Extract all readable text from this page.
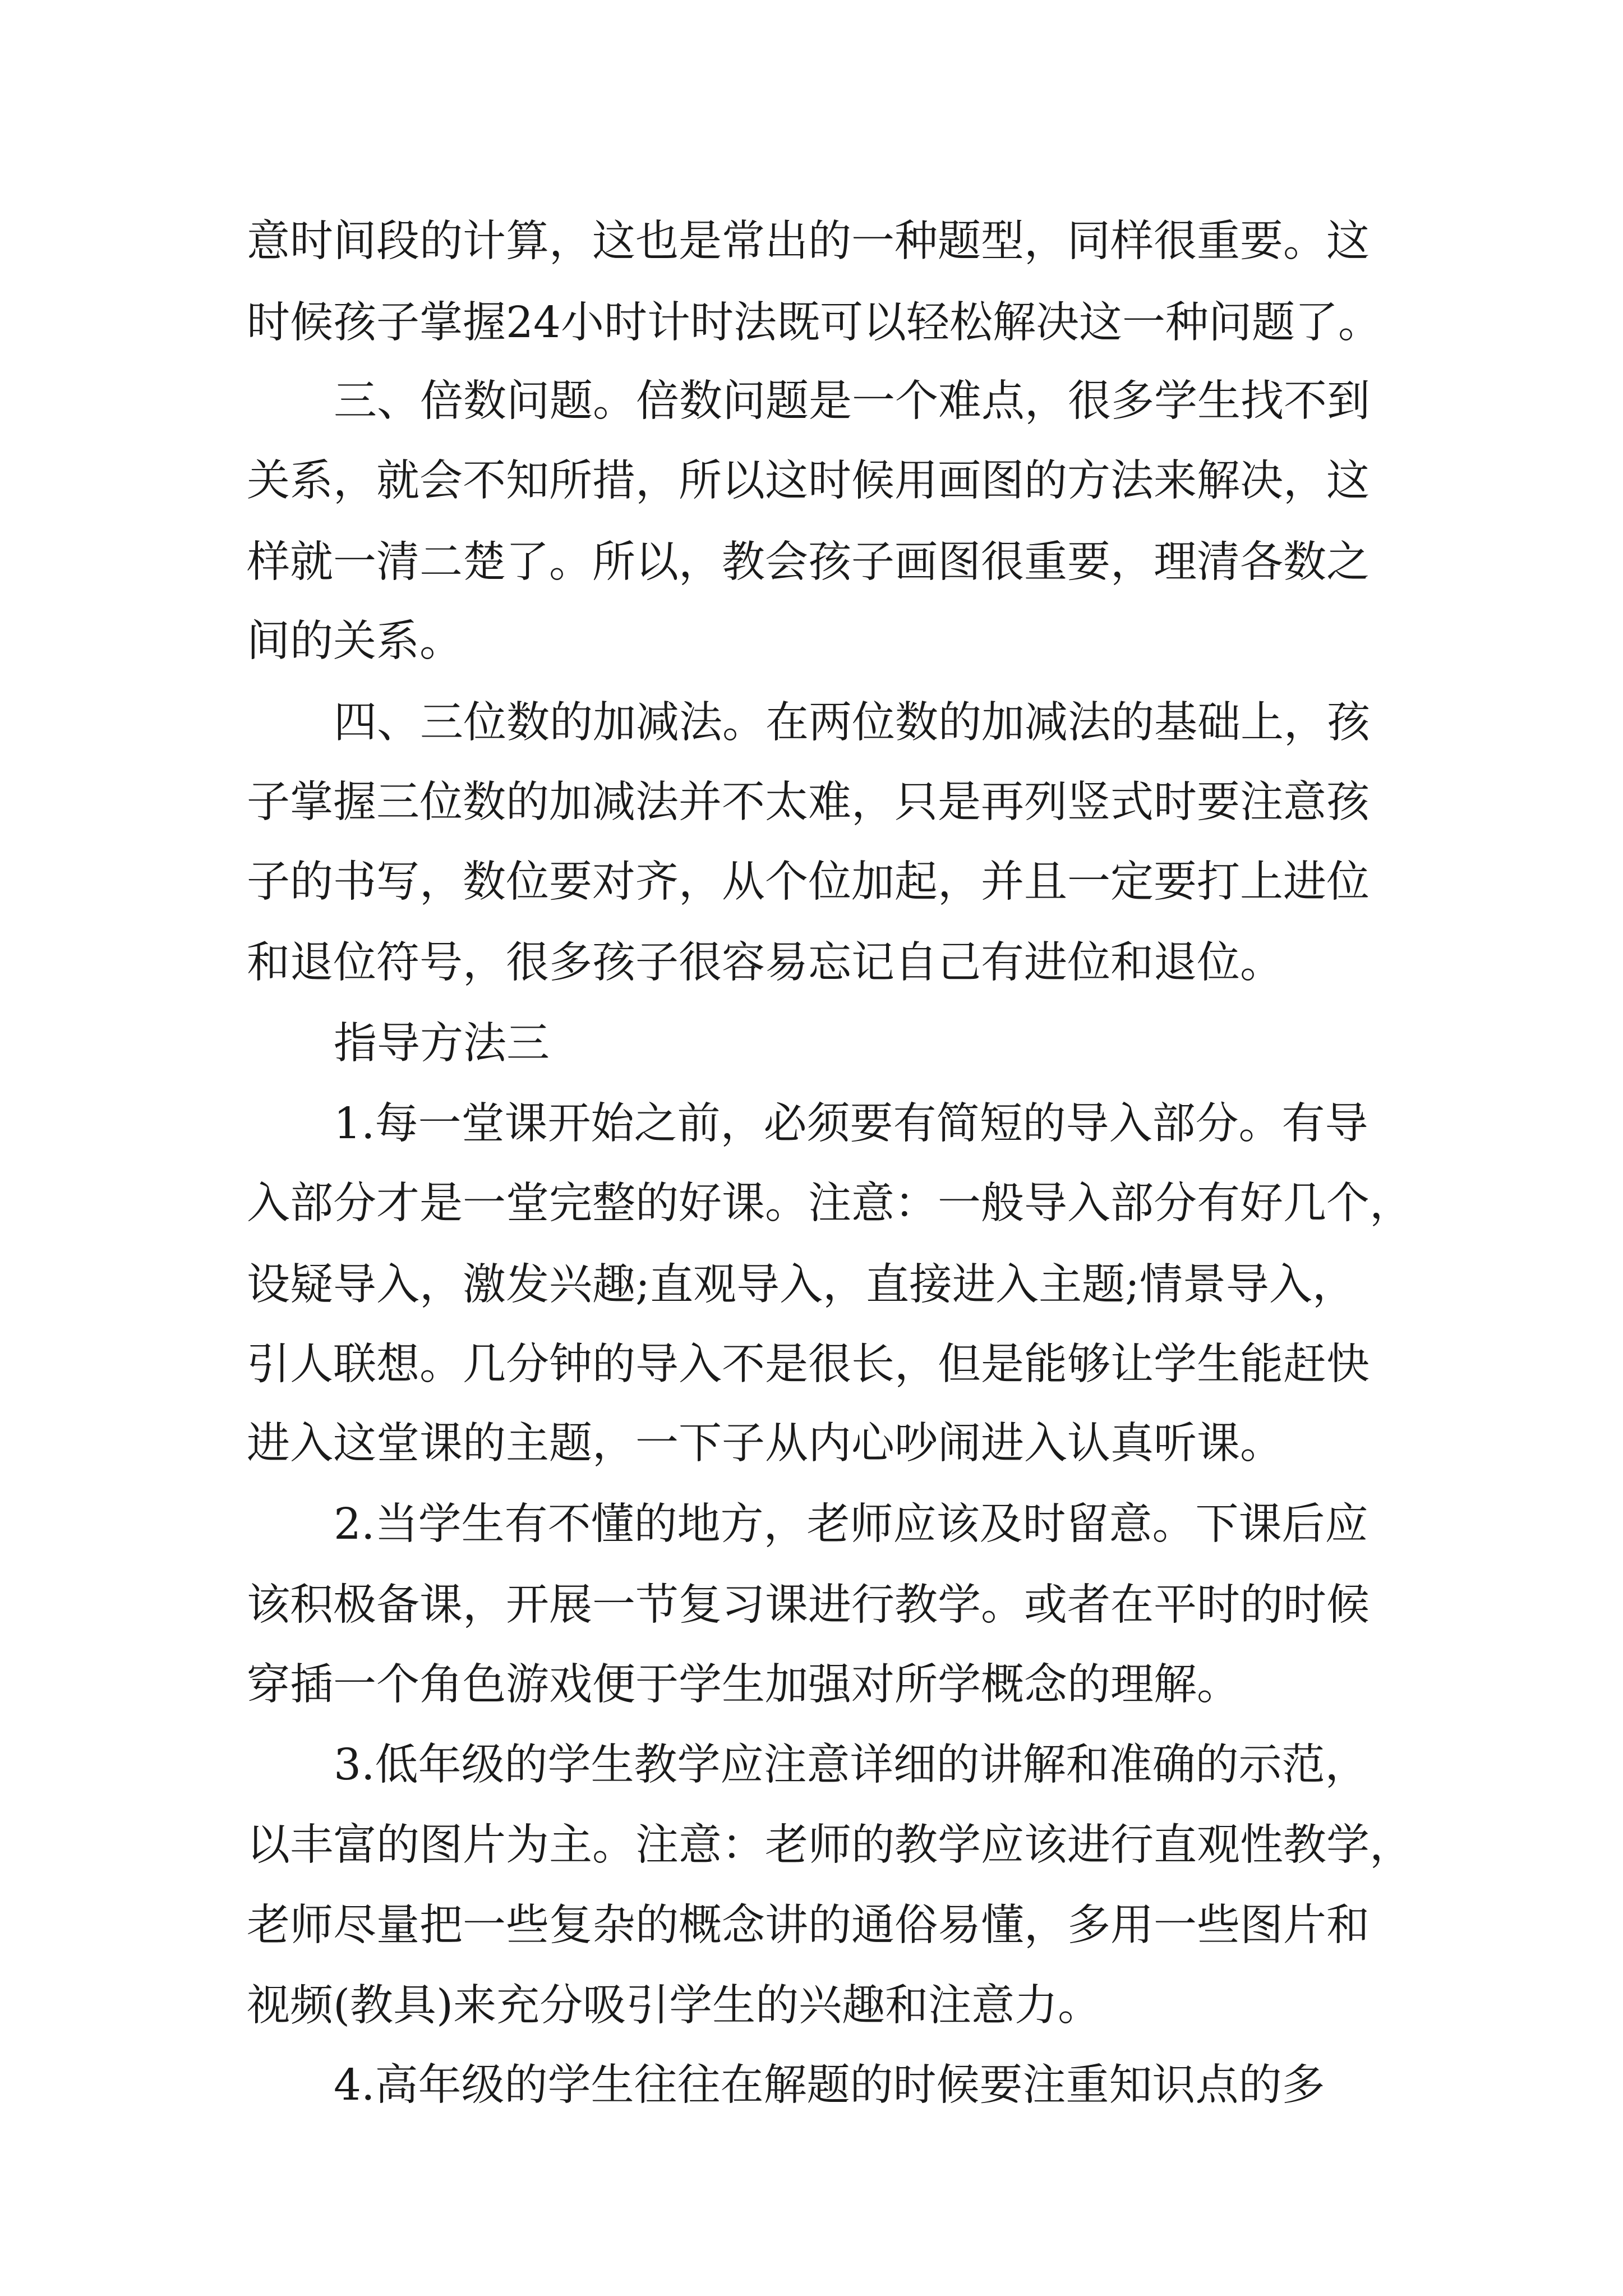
意时间段的计算，这也是常出的一种题型，同样很重要。这
时候孩子掌握24小时计时法既可以轻松解决这一种问题了。
三、倍数问题。倍数问题是一个难点，很多学生找不到
关系，就会不知所措，所以这时候用画图的方法来解决，这
样就一清二楚了。所以，教会孩子画图很重要，理清各数之
间的关系。
四、三位数的加减法。在两位数的加减法的基础上，孩
子掌握三位数的加减法并不太难，只是再列竖式时要注意孩
子的书写，数位要对齐，从个位加起，并且一定要打上进位
和退位符号，很多孩子很容易忘记自己有进位和退位。
指导方法三
1.每一堂课开始之前，必须要有简短的导入部分。有导
入部分才是一堂完整的好课。注意：一般导入部分有好几个，
设疑导入，激发兴趣;直观导入，直接进入主题;情景导入，
引人联想。几分钟的导入不是很长，但是能够让学生能赶快
进入这堂课的主题，一下子从内心吵闹进入认真听课。
2.当学生有不懂的地方，老师应该及时留意。下课后应
该积极备课，开展一节复习课进行教学。或者在平时的时候
穿插一个角色游戏便于学生加强对所学概念的理解。
3.低年级的学生教学应注意详细的讲解和准确的示范，
以丰富的图片为主。注意：老师的教学应该进行直观性教学，
老师尽量把一些复杂的概念讲的通俗易懂，多用一些图片和
视频(教具)来充分吸引学生的兴趣和注意力。
4.高年级的学生往往在解题的时候要注重知识点的多
